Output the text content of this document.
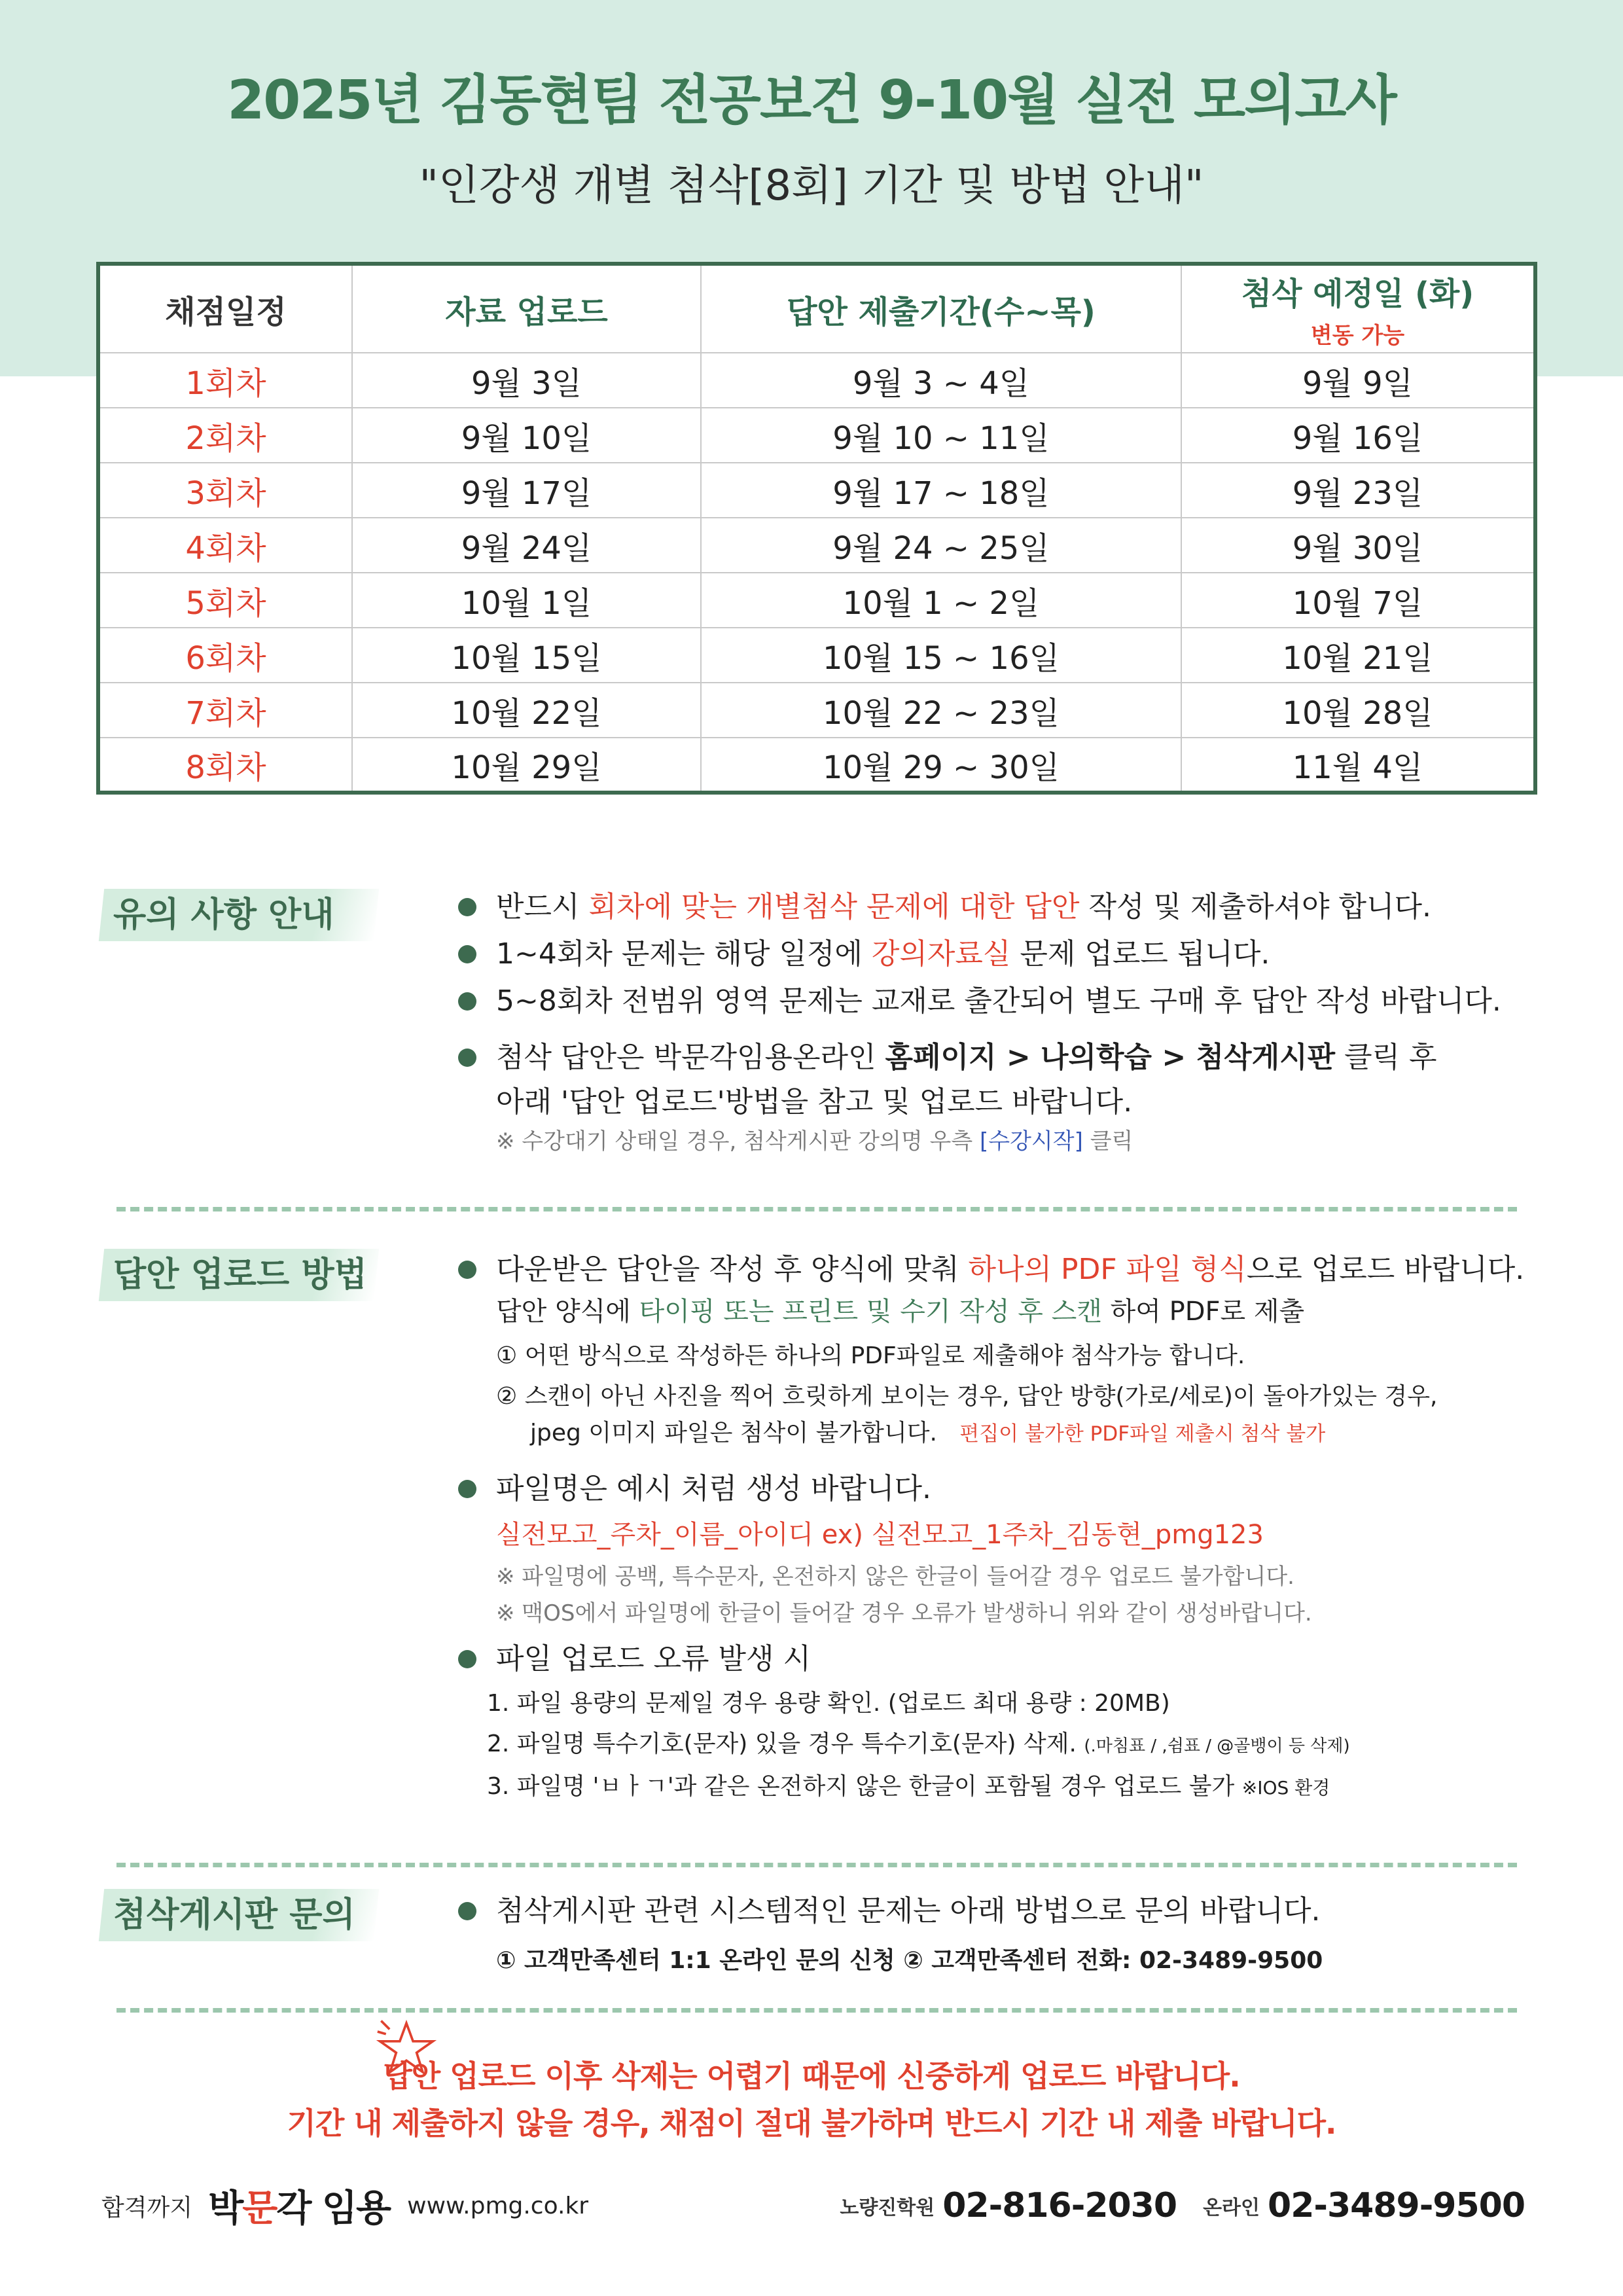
2025년 김동현팀 전공보건 9-10월 실전 모의고사
"인강생 개별 첨삭[8회] 기간 및 방법 안내"
채점일정	자료 업로드	답안 제출기간(수~목)	첨삭 예정일 (화)
변동 가능

1회차	9월 3일	9월 3 ~ 4일	9월 9일
2회차	9월 10일	9월 10 ~ 11일	9월 16일
3회차	9월 17일	9월 17 ~ 18일	9월 23일
4회차	9월 24일	9월 24 ~ 25일	9월 30일
5회차	10월 1일	10월 1 ~ 2일	10월 7일
6회차	10월 15일	10월 15 ~ 16일	10월 21일
7회차	10월 22일	10월 22 ~ 23일	10월 28일
8회차	10월 29일	10월 29 ~ 30일	11월 4일
유의 사항 안내	반드시 회차에 맞는 개별첨삭 문제에 대한 답안 작성 및 제출하셔야 합니다.
1~4회차 문제는 해당 일정에 강의자료실 문제 업로드 됩니다.
5~8회차 전범위 영역 문제는 교재로 출간되어 별도 구매 후 답안 작성 바랍니다.
첨삭 답안은 박문각임용온라인 홈페이지 > 나의학습 > 첨삭게시판 클릭 후
아래 '답안 업로드'방법을 참고 및 업로드 바랍니다.
※ 수강대기 상태일 경우, 첨삭게시판 강의명 우측 [수강시작] 클릭
답안 업로드 방법	다운받은 답안을 작성 후 양식에 맞춰 하나의 PDF 파일 형식으로 업로드 바랍니다.
답안 양식에 타이핑 또는 프린트 및 수기 작성 후 스캔 하여 PDF로 제출
① 어떤 방식으로 작성하든 하나의 PDF파일로 제출해야 첨삭가능 합니다.
② 스캔이 아닌 사진을 찍어 흐릿하게 보이는 경우, 답안 방향(가로/세로)이 돌아가있는 경우,
jpeg 이미지 파일은 첨삭이 불가합니다. 편집이 불가한 PDF파일 제출시 첨삭 불가
파일명은 예시 처럼 생성 바랍니다.
실전모고_주차_이름_아이디 ex) 실전모고_1주차_김동현_pmg123
※ 파일명에 공백, 특수문자, 온전하지 않은 한글이 들어갈 경우 업로드 불가합니다.
※ 맥OS에서 파일명에 한글이 들어갈 경우 오류가 발생하니 위와 같이 생성바랍니다.
파일 업로드 오류 발생 시
1. 파일 용량의 문제일 경우 용량 확인. (업로드 최대 용량 : 20MB)
2. 파일명 특수기호(문자) 있을 경우 특수기호(문자) 삭제. (.마침표 / ,쉼표 / @골뱅이 등 삭제)
3. 파일명 'ㅂㅏㄱ'과 같은 온전하지 않은 한글이 포함될 경우 업로드 불가 ※IOS 환경
첨삭게시판 문의	첨삭게시판 관련 시스템적인 문제는 아래 방법으로 문의 바랍니다.
① 고객만족센터 1:1 온라인 문의 신청 ② 고객만족센터 전화: 02-3489-9500
답안 업로드 이후 삭제는 어렵기 때문에 신중하게 업로드 바랍니다.
기간 내 제출하지 않을 경우, 채점이 절대 불가하며 반드시 기간 내 제출 바랍니다.
합격까지 박문각 임용 www.pmg.co.kr	노량진학원 02-816-2030 온라인 02-3489-9500
